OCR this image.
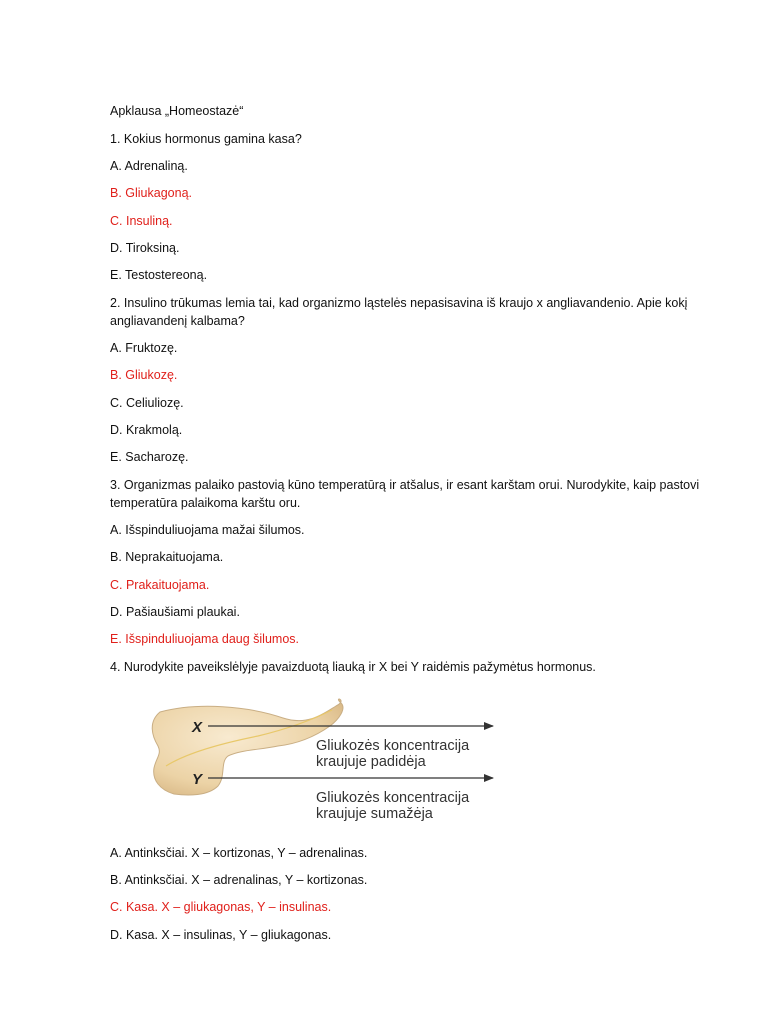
Apklausa „Homeostazė“
1. Kokius hormonus gamina kasa?
A. Adrenaliną.
B. Gliukagoną.
C. Insuliną.
D. Tiroksiną.
E. Testostereoną.
2. Insulino trūkumas lemia tai, kad organizmo ląstelės nepasisavina iš kraujo x angliavandenio. Apie kokį angliavandenį kalbama?
A. Fruktozę.
B. Gliukozę.
C. Celiuliozę.
D. Krakmolą.
E. Sacharozę.
3. Organizmas palaiko pastovią kūno temperatūrą ir atšalus, ir esant karštam orui. Nurodykite, kaip pastovi temperatūra palaikoma karštu oru.
A. Išspinduliuojama mažai šilumos.
B. Neprakaituojama.
C. Prakaituojama.
D. Pašiaušiami plaukai.
E. Išspinduliuojama daug šilumos.
4. Nurodykite paveikslėlyje pavaizduotą liauką ir X bei Y raidėmis pažymėtus hormonus.
X
Y
Gliukozės koncentracija
kraujuje padidėja
Gliukozės koncentracija
kraujuje sumažėja
A. Antinksčiai. X – kortizonas, Y – adrenalinas.
B. Antinksčiai. X – adrenalinas, Y – kortizonas.
C. Kasa. X – gliukagonas, Y – insulinas.
D. Kasa. X – insulinas, Y – gliukagonas.
